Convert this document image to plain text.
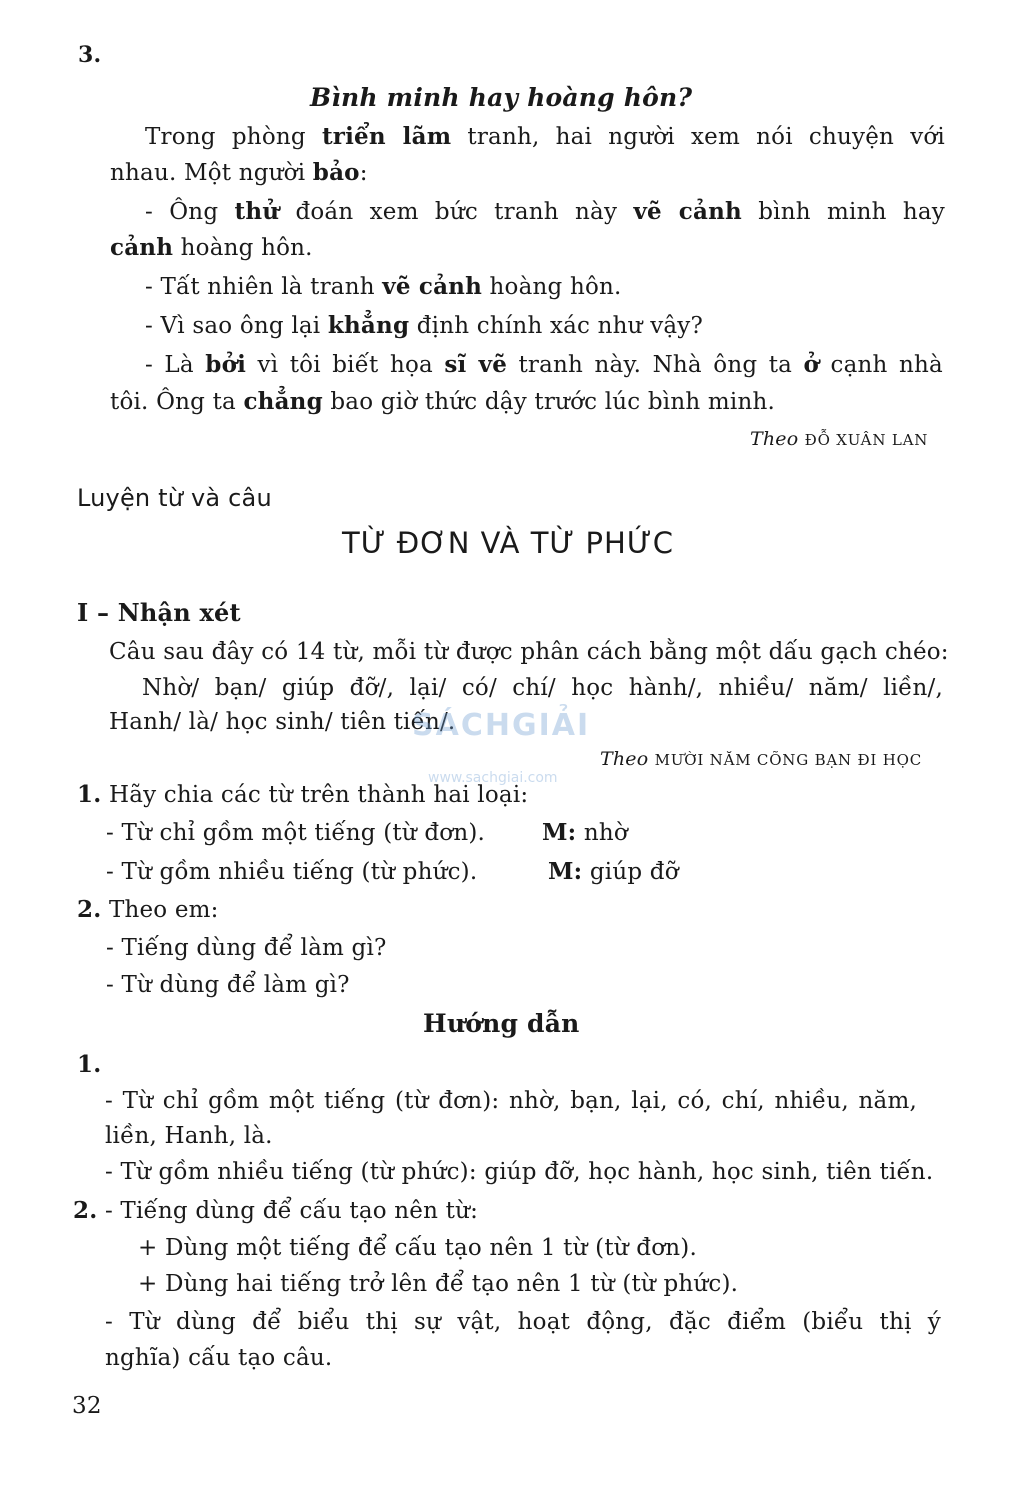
3.
Bình minh hay hoàng hôn?
Trong phòng triển lãm tranh, hai người xem nói chuyện với
nhau. Một người bảo:
- Ông thử đoán xem bức tranh này vẽ cảnh bình minh hay
cảnh hoàng hôn.
- Tất nhiên là tranh vẽ cảnh hoàng hôn.
- Vì sao ông lại khẳng định chính xác như vậy?
- Là bởi vì tôi biết họa sĩ vẽ tranh này. Nhà ông ta ở cạnh nhà
tôi. Ông ta chẳng bao giờ thức dậy trước lúc bình minh.
Theo ĐỖ XUÂN LAN
Luyện từ và câu
TỪ ĐƠN VÀ TỪ PHỨC
I – Nhận xét
Câu sau đây có 14 từ, mỗi từ được phân cách bằng một dấu gạch chéo:
Nhờ/ bạn/ giúp đỡ/, lại/ có/ chí/ học hành/, nhiều/ năm/ liền/,
Hanh/ là/ học sinh/ tiên tiến/.
Theo MƯỜI NĂM CÕNG BẠN ĐI HỌC
1. Hãy chia các từ trên thành hai loại:
- Từ chỉ gồm một tiếng (từ đơn). M: nhờ
- Từ gồm nhiều tiếng (từ phức).	M: giúp đỡ
2. Theo em:
- Tiếng dùng để làm gì?
- Từ dùng để làm gì?
Hướng dẫn
1.
- Từ chỉ gồm một tiếng (từ đơn): nhờ, bạn, lại, có, chí, nhiều, năm,
liền, Hanh, là.
- Từ gồm nhiều tiếng (từ phức): giúp đỡ, học hành, học sinh, tiên tiến.
2. - Tiếng dùng để cấu tạo nên từ:
+ Dùng một tiếng để cấu tạo nên 1 từ (từ đơn).
+ Dùng hai tiếng trở lên để tạo nên 1 từ (từ phức).
- Từ dùng để biểu thị sự vật, hoạt động, đặc điểm (biểu thị ý
nghĩa) cấu tạo câu.
32
SÁCHGIẢI
www.sachgiai.com
